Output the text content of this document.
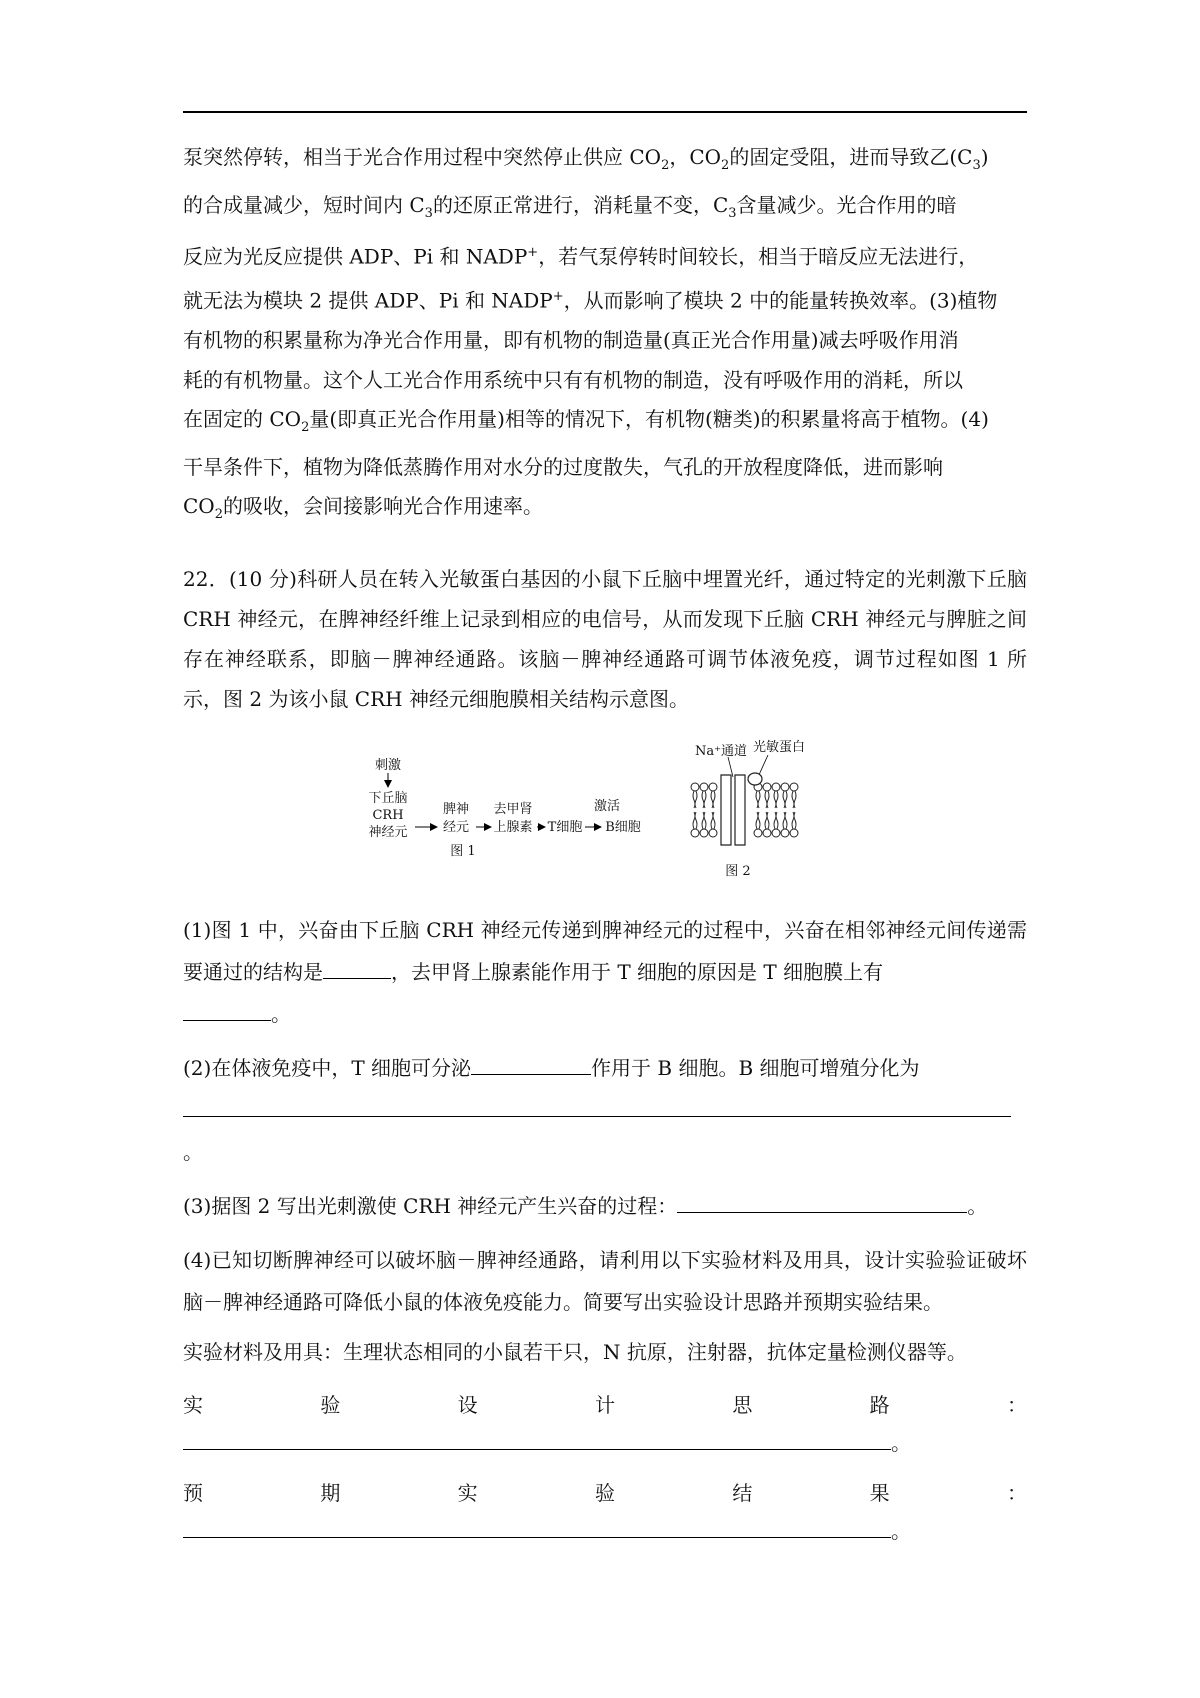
泵突然停转，相当于光合作用过程中突然停止供应 $CO_2$，$CO_2$的固定受阻，进而导致乙$(C_3)$
的合成量减少，短时间内 $C_3$的还原正常进行，消耗量不变，$C_3$含量减少。光合作用的暗
反应为光反应提供 ADP、Pi 和 NADP+，若气泵停转时间较长，相当于暗反应无法进行，
就无法为模块 2 提供 ADP、Pi 和 NADP+，从而影响了模块 2 中的能量转换效率。(3)植物
有机物的积累量称为净光合作用量，即有机物的制造量(真正光合作用量)减去呼吸作用消
耗的有机物量。这个人工光合作用系统中只有有机物的制造，没有呼吸作用的消耗，所以
在固定的 $CO_2$量(即真正光合作用量)相等的情况下，有机物(糖类)的积累量将高于植物。(4)
干旱条件下，植物为降低蒸腾作用对水分的过度散失，气孔的开放程度降低，进而影响
$CO_2$的吸收，会间接影响光合作用速率。

22．(10 分)科研人员在转入光敏蛋白基因的小鼠下丘脑中埋置光纤，通过特定的光刺激下丘脑 CRH 神经元，在脾神经纤维上记录到相应的电信号，从而发现下丘脑 CRH 神经元与脾脏之间存在神经联系，即脑－脾神经通路。该脑－脾神经通路可调节体液免疫，调节过程如图 1 所示，图 2 为该小鼠 CRH 神经元细胞膜相关结构示意图。

刺激
下丘脑
CRH
神经元
脾神
经元
去甲肾
上腺素 T细胞
激活
B细胞
图 1
Na⁺通道 光敏蛋白
图 2
(1)图 1 中，兴奋由下丘脑 CRH 神经元传递到脾神经元的过程中，兴奋在相邻神经元间传递需要通过的结构是	，去甲肾上腺素能作用于 T 细胞的原因是 T 细胞膜上有
。
(2)在体液免疫中，T 细胞可分泌	作用于 B 细胞。B 细胞可增殖分化为
。
(3)据图 2 写出光刺激使 CRH 神经元产生兴奋的过程：	。

(4)已知切断脾神经可以破坏脑－脾神经通路，请利用以下实验材料及用具，设计实验验证破坏脑－脾神经通路可降低小鼠的体液免疫能力。简要写出实验设计思路并预期实验结果。

实验材料及用具：生理状态相同的小鼠若干只，N 抗原，注射器，抗体定量检测仪器等。

实	验	设	计	思	路	：
。
预	期	实	验	结	果	：
。
